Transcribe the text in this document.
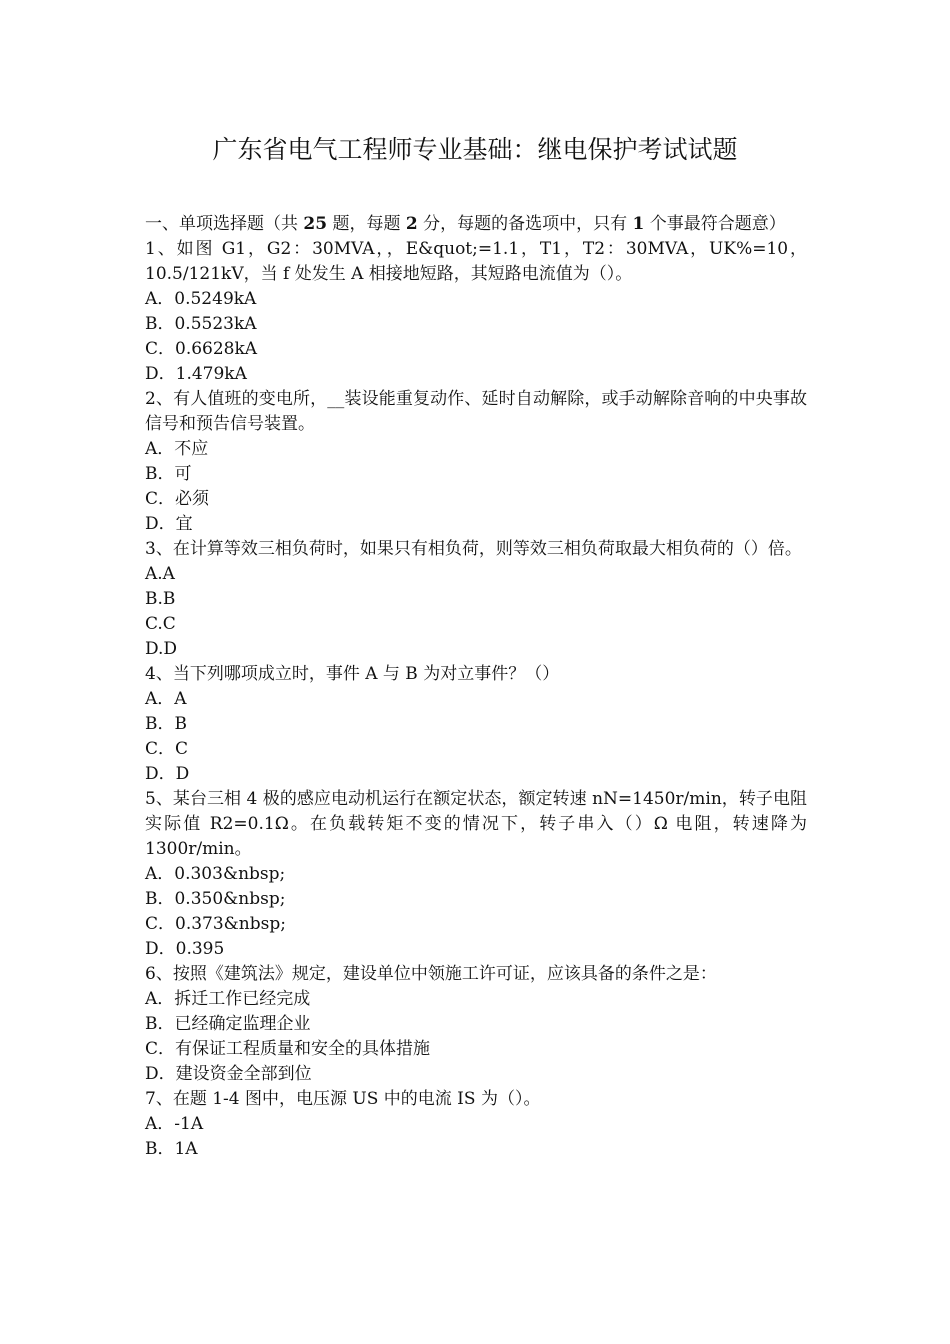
广东省电气工程师专业基础：继电保护考试试题

一、单项选择题（共 25 题，每题 2 分，每题的备选项中，只有 1 个事最符合题意）

1、如图 G1，G2：30MVA，，E&quot;=1.1，T1，T2：30MVA，UK%=10，10.5/121kV，当 f 处发生 A 相接地短路，其短路电流值为（）。

A．0.5249kA

B．0.5523kA

C．0.6628kA

D．1.479kA

2、有人值班的变电所，__装设能重复动作、延时自动解除，或手动解除音响的中央事故信号和预告信号装置。

A．不应

B．可

C．必须

D．宜

3、在计算等效三相负荷时，如果只有相负荷，则等效三相负荷取最大相负荷的（）倍。

A.A

B.B

C.C

D.D

4、当下列哪项成立时，事件 A 与 B 为对立事件？（）

A．A

B．B

C．C

D．D

5、某台三相 4 极的感应电动机运行在额定状态，额定转速 nN=1450r/min，转子电阻实际值 R2=0.1Ω。在负载转矩不变的情况下，转子串入（）Ω 电阻，转速降为 1300r/min。

A．0.303&nbsp;

B．0.350&nbsp;

C．0.373&nbsp;

D．0.395

6、按照《建筑法》规定，建设单位中领施工许可证，应该具备的条件之是：

A．拆迁工作已经完成

B．已经确定监理企业

C．有保证工程质量和安全的具体措施

D．建设资金全部到位

7、在题 1-4 图中，电压源 US 中的电流 IS 为（）。

A．-1A

B．1A
